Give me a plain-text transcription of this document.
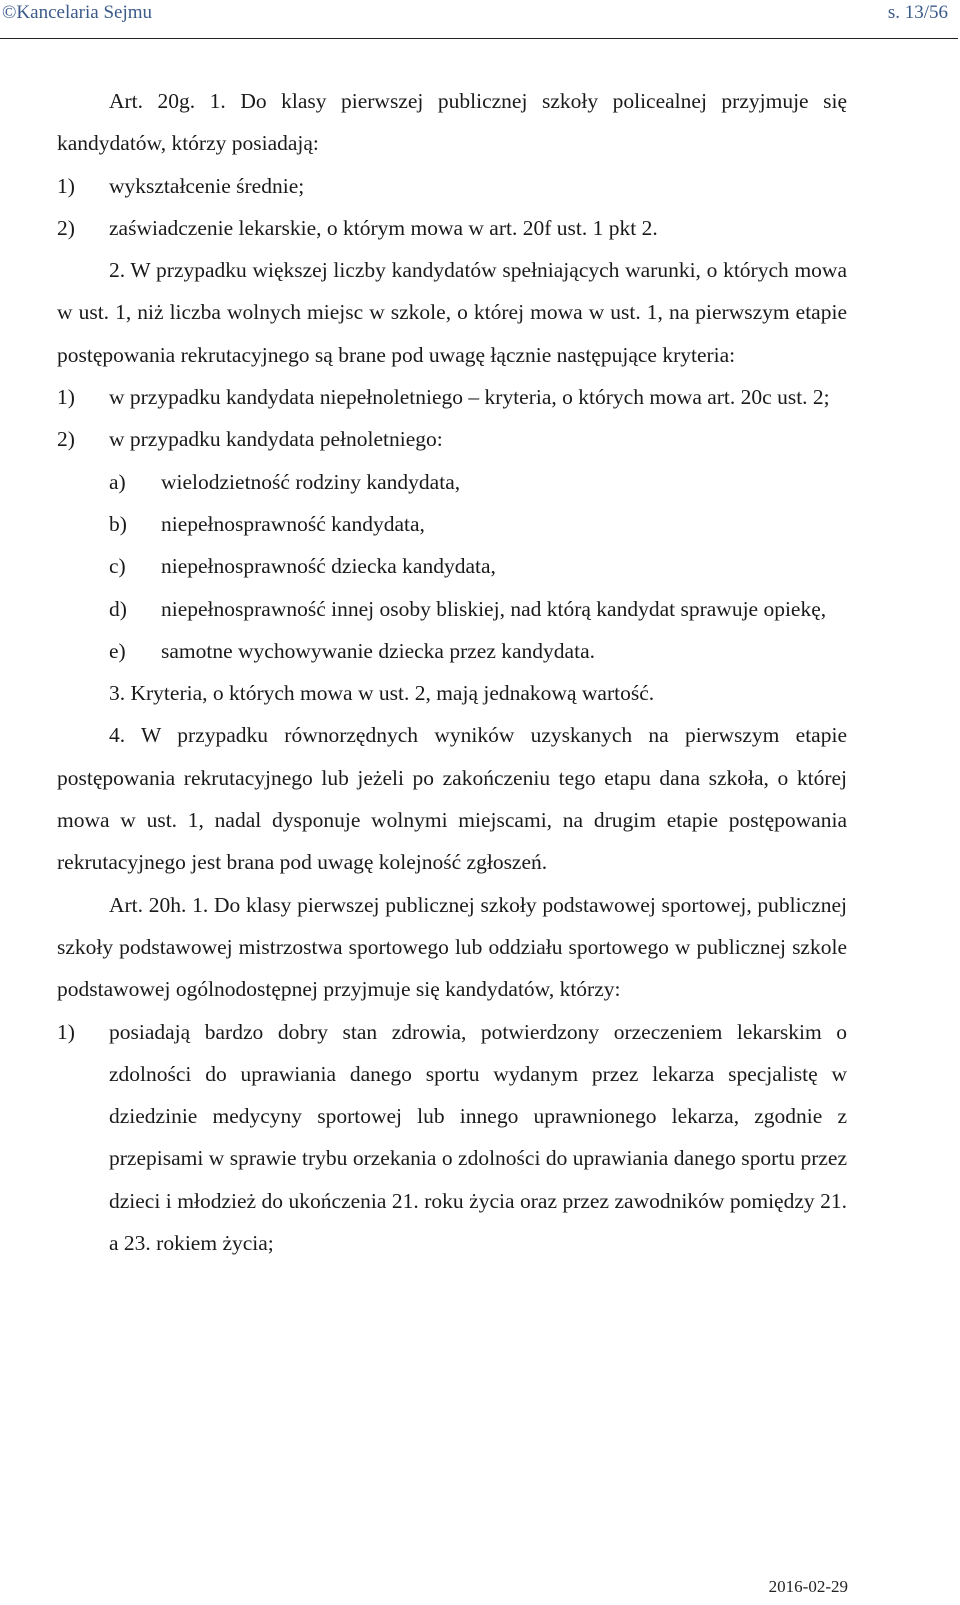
©Kancelaria Sejmu	s. 13/56

Art. 20g. 1. Do klasy pierwszej publicznej szkoły policealnej przyjmuje się kandydatów, którzy posiadają:

1) wykształcenie średnie;

2) zaświadczenie lekarskie, o którym mowa w art. 20f ust. 1 pkt 2.

2. W przypadku większej liczby kandydatów spełniających warunki, o których mowa w ust. 1, niż liczba wolnych miejsc w szkole, o której mowa w ust. 1, na pierwszym etapie postępowania rekrutacyjnego są brane pod uwagę łącznie następujące kryteria:

1) w przypadku kandydata niepełnoletniego – kryteria, o których mowa art. 20c ust. 2;

2) w przypadku kandydata pełnoletniego:

a) wielodzietność rodziny kandydata,

b) niepełnosprawność kandydata,

c) niepełnosprawność dziecka kandydata,

d) niepełnosprawność innej osoby bliskiej, nad którą kandydat sprawuje opiekę,

e) samotne wychowywanie dziecka przez kandydata.

3. Kryteria, o których mowa w ust. 2, mają jednakową wartość.

4. W przypadku równorzędnych wyników uzyskanych na pierwszym etapie postępowania rekrutacyjnego lub jeżeli po zakończeniu tego etapu dana szkoła, o której mowa w ust. 1, nadal dysponuje wolnymi miejscami, na drugim etapie postępowania rekrutacyjnego jest brana pod uwagę kolejność zgłoszeń.

Art. 20h. 1. Do klasy pierwszej publicznej szkoły podstawowej sportowej, publicznej szkoły podstawowej mistrzostwa sportowego lub oddziału sportowego w publicznej szkole podstawowej ogólnodostępnej przyjmuje się kandydatów, którzy:

1) posiadają bardzo dobry stan zdrowia, potwierdzony orzeczeniem lekarskim o zdolności do uprawiania danego sportu wydanym przez lekarza specjalistę w dziedzinie medycyny sportowej lub innego uprawnionego lekarza, zgodnie z przepisami w sprawie trybu orzekania o zdolności do uprawiania danego sportu przez dzieci i młodzież do ukończenia 21. roku życia oraz przez zawodników pomiędzy 21. a 23. rokiem życia;

2016-02-29
